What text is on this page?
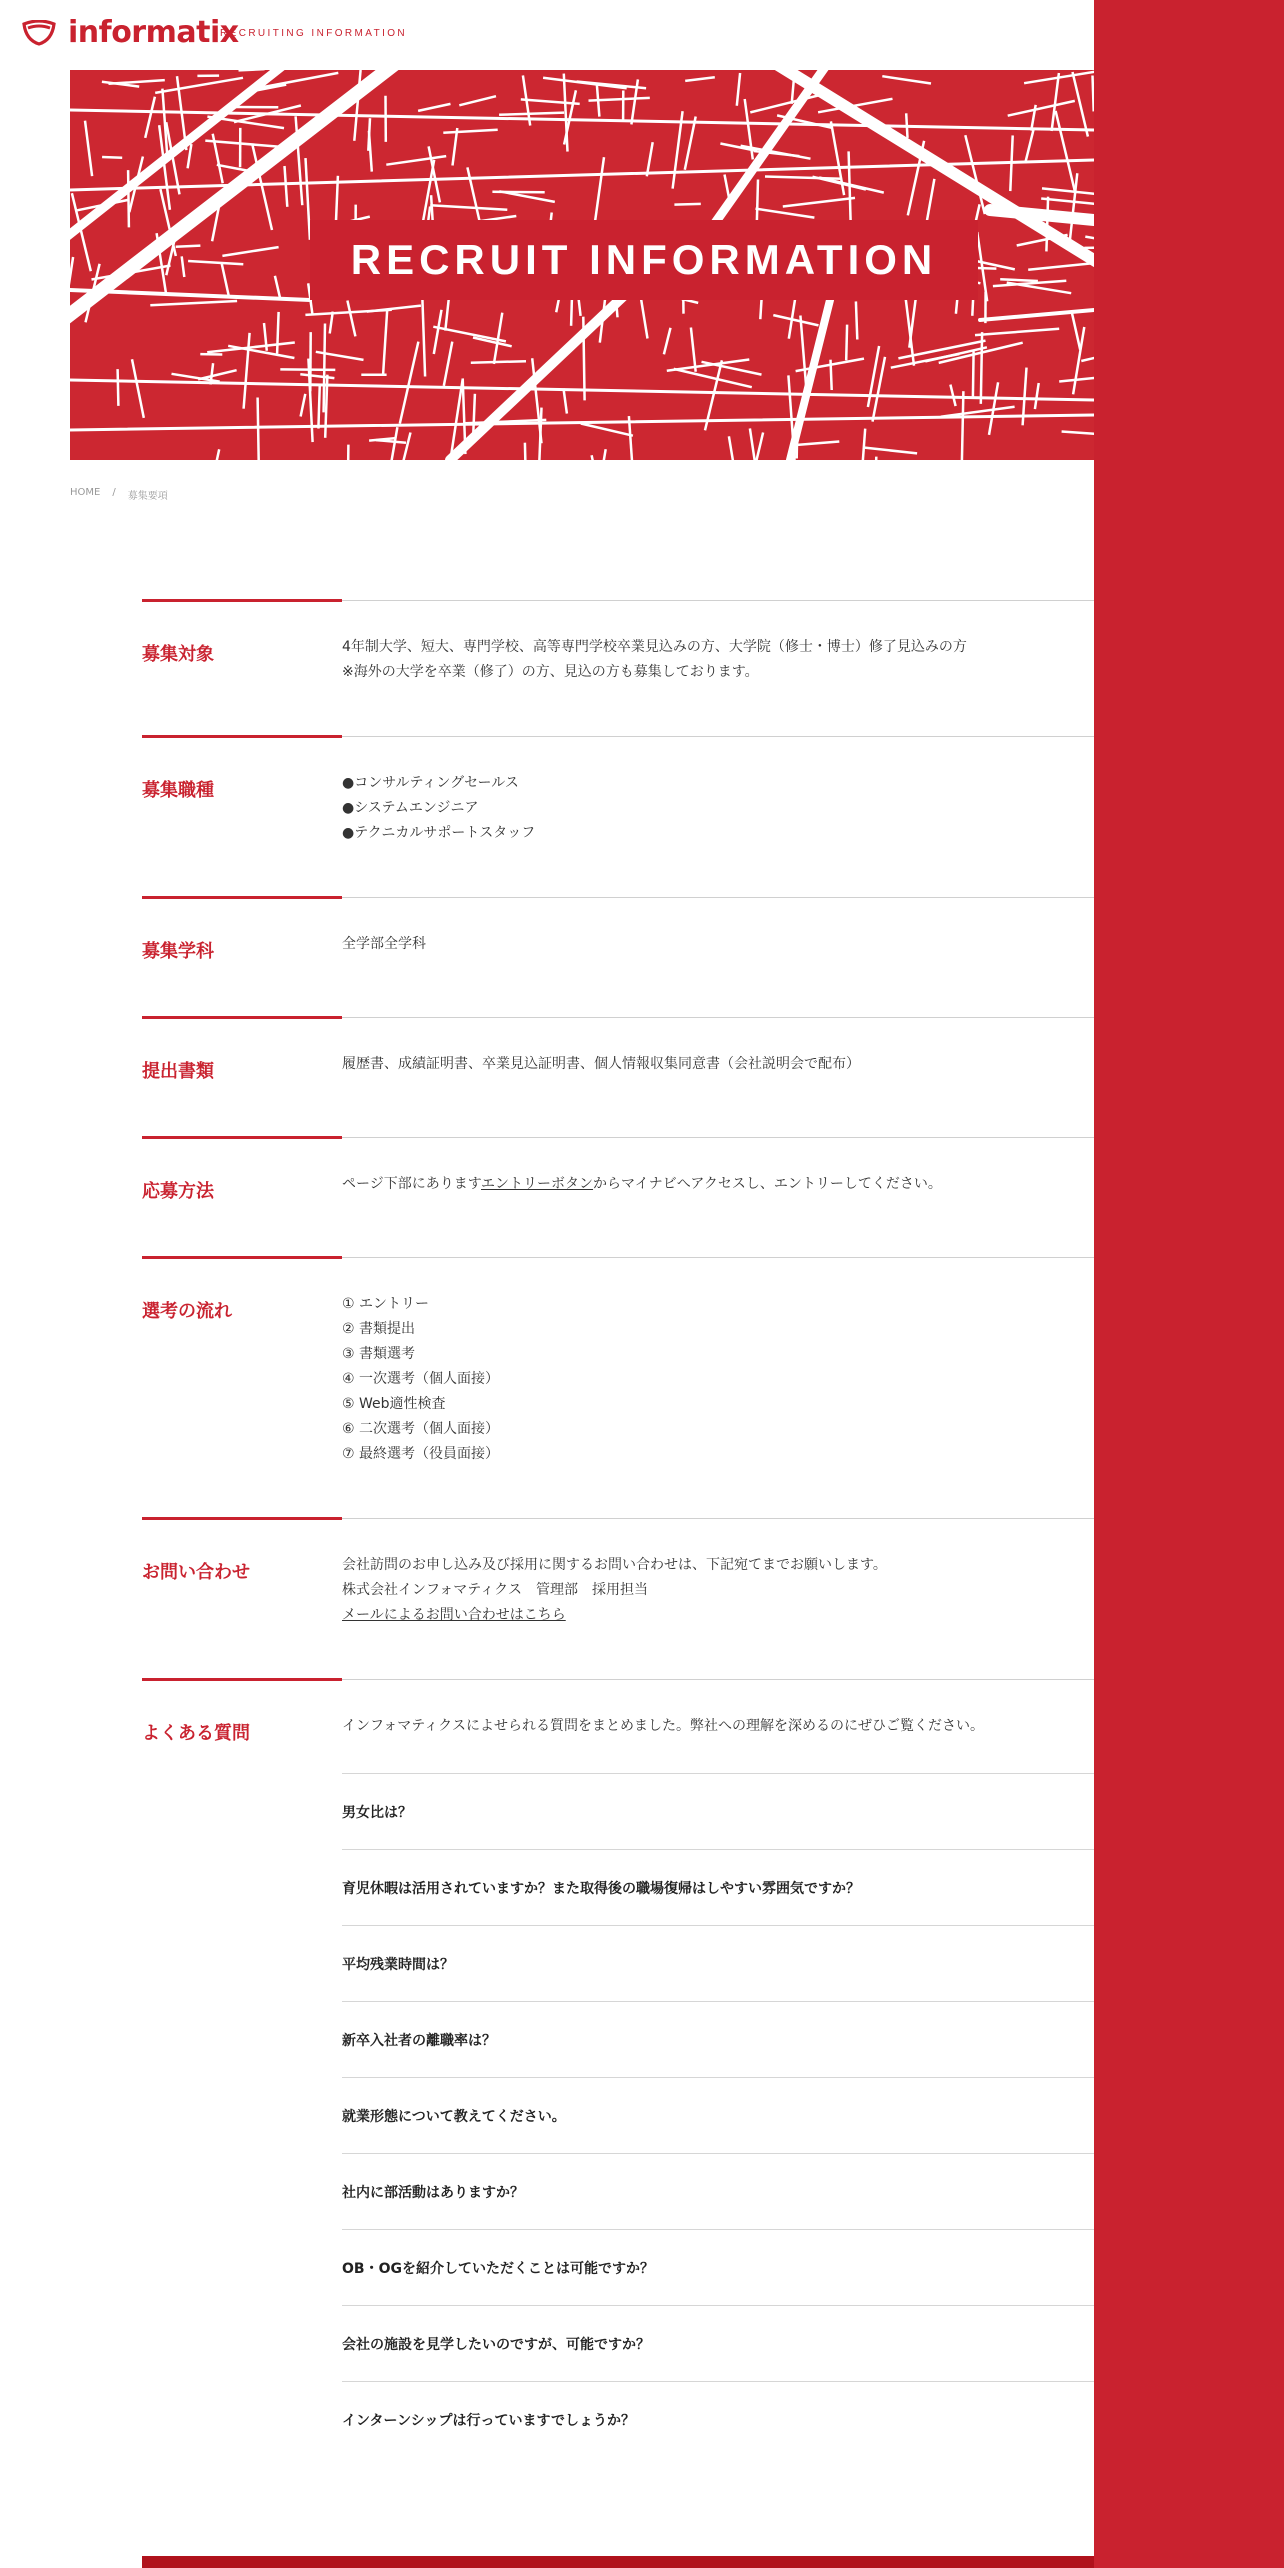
informatix
RECRUITING INFORMATION
RECRUIT INFORMATION
HOME / 募集要項
募集対象	4年制大学、短大、専門学校、高等専門学校卒業見込みの方、大学院（修士・博士）修了見込みの方
※海外の大学を卒業（修了）の方、見込の方も募集しております。
募集職種	●コンサルティングセールス
●システムエンジニア
●テクニカルサポートスタッフ
募集学科	全学部全学科
提出書類	履歴書、成績証明書、卒業見込証明書、個人情報収集同意書（会社説明会で配布）
応募方法	ページ下部にありますエントリーボタンからマイナビへアクセスし、エントリーしてください。
選考の流れ	① エントリー
② 書類提出
③ 書類選考
④ 一次選考（個人面接）
⑤ Web適性検査
⑥ 二次選考（個人面接）
⑦ 最終選考（役員面接）
お問い合わせ	会社訪問のお申し込み及び採用に関するお問い合わせは、下記宛てまでお願いします。
株式会社インフォマティクス　管理部　採用担当
メールによるお問い合わせはこちら
よくある質問	インフォマティクスによせられる質問をまとめました。弊社への理解を深めるのにぜひご覧ください。
男女比は？
育児休暇は活用されていますか？また取得後の職場復帰はしやすい雰囲気ですか？
平均残業時間は？
新卒入社者の離職率は？
就業形態について教えてください。
社内に部活動はありますか？
OB・OGを紹介していただくことは可能ですか？
会社の施設を見学したいのですが、可能ですか？
インターンシップは行っていますでしょうか？
